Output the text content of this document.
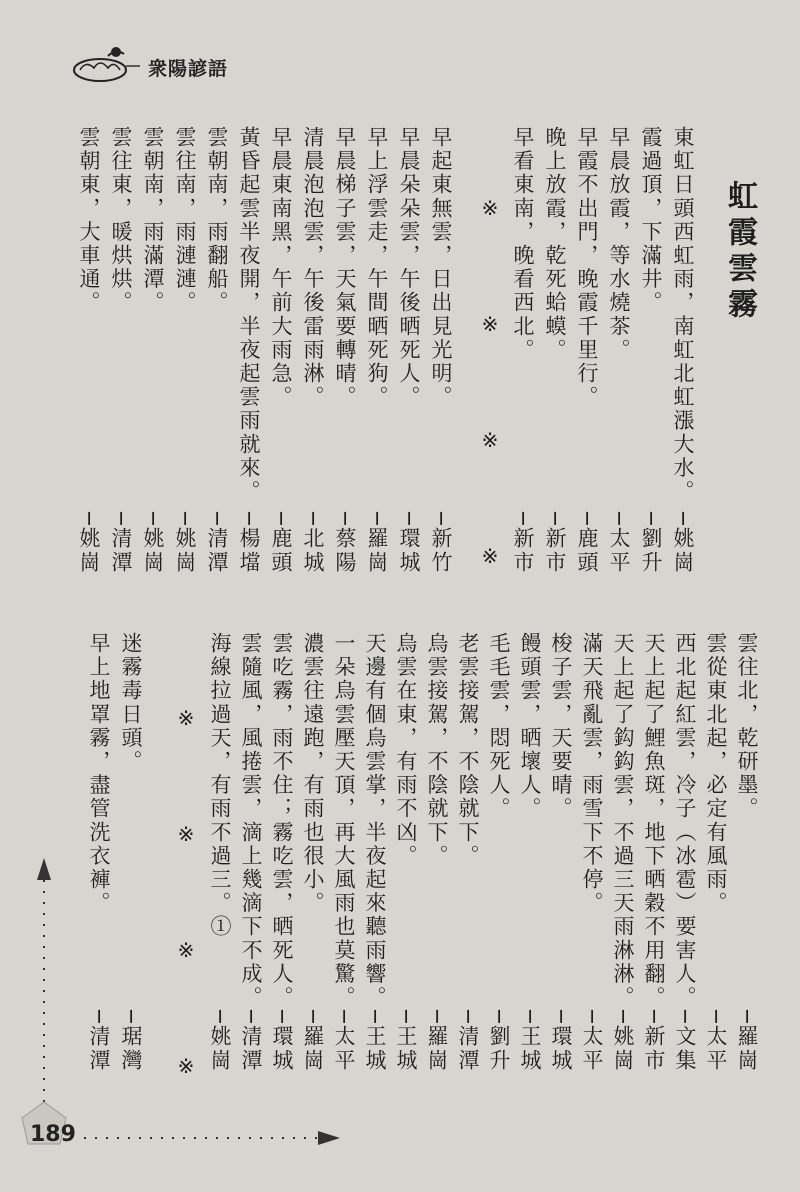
衆陽諺語
虹霞雲霧
東虹日頭西虹雨，南虹北虹漲大水。
霞過頂，下滿井。
早晨放霞，等水燒茶。
早霞不出門，晚霞千里行。
晚上放霞，乾死蛤蟆。
早看東南，晚看西北。
※　※　※　※
早起東無雲，日出見光明。
早晨朵朵雲，午後晒死人。
早上浮雲走，午間晒死狗。
早晨梯子雲，天氣要轉晴。
清晨泡泡雲，午後雷雨淋。
早晨東南黑，午前大雨急。
黃昏起雲半夜開，半夜起雲雨就來。
雲朝南，雨翻船。
雲往南，雨漣漣。
雲朝南，雨滿潭。
雲往東，暖烘烘。
雲朝東，大車通。
─姚崗
─劉升
─太平
─鹿頭
─新市
─新市
─新竹
─環城
─羅崗
─蔡陽
─北城
─鹿頭
─楊壋
─清潭
─姚崗
─姚崗
─清潭
─姚崗
雲往北，乾研墨。
雲從東北起，必定有風雨。
西北起紅雲，冷子（冰雹）要害人。
天上起了鯉魚斑，地下晒穀不用翻。
天上起了鈎鈎雲，不過三天雨淋淋。
滿天飛亂雲，雨雪下不停。
梭子雲，天要晴。
饅頭雲，晒壞人。
毛毛雲，悶死人。
老雲接駕，不陰就下。
烏雲接駕，不陰就下。
烏雲在東，有雨不凶。
天邊有個烏雲掌，半夜起來聽雨響。
一朵烏雲壓天頂，再大風雨也莫驚。
濃雲往遠跑，有雨也很小。
雲吃霧，雨不住；霧吃雲，晒死人。
雲隨風，風捲雲，滴上幾滴下不成。
海線拉過天，有雨不過三。①
※　※　※　※
迷霧毒日頭。
早上地罩霧，盡管洗衣褲。
─羅崗
─太平
─文集
─新市
─姚崗
─太平
─環城
─王城
─劉升
─清潭
─羅崗
─王城
─王城
─太平
─羅崗
─環城
─清潭
─姚崗
─琚灣
─清潭
189
